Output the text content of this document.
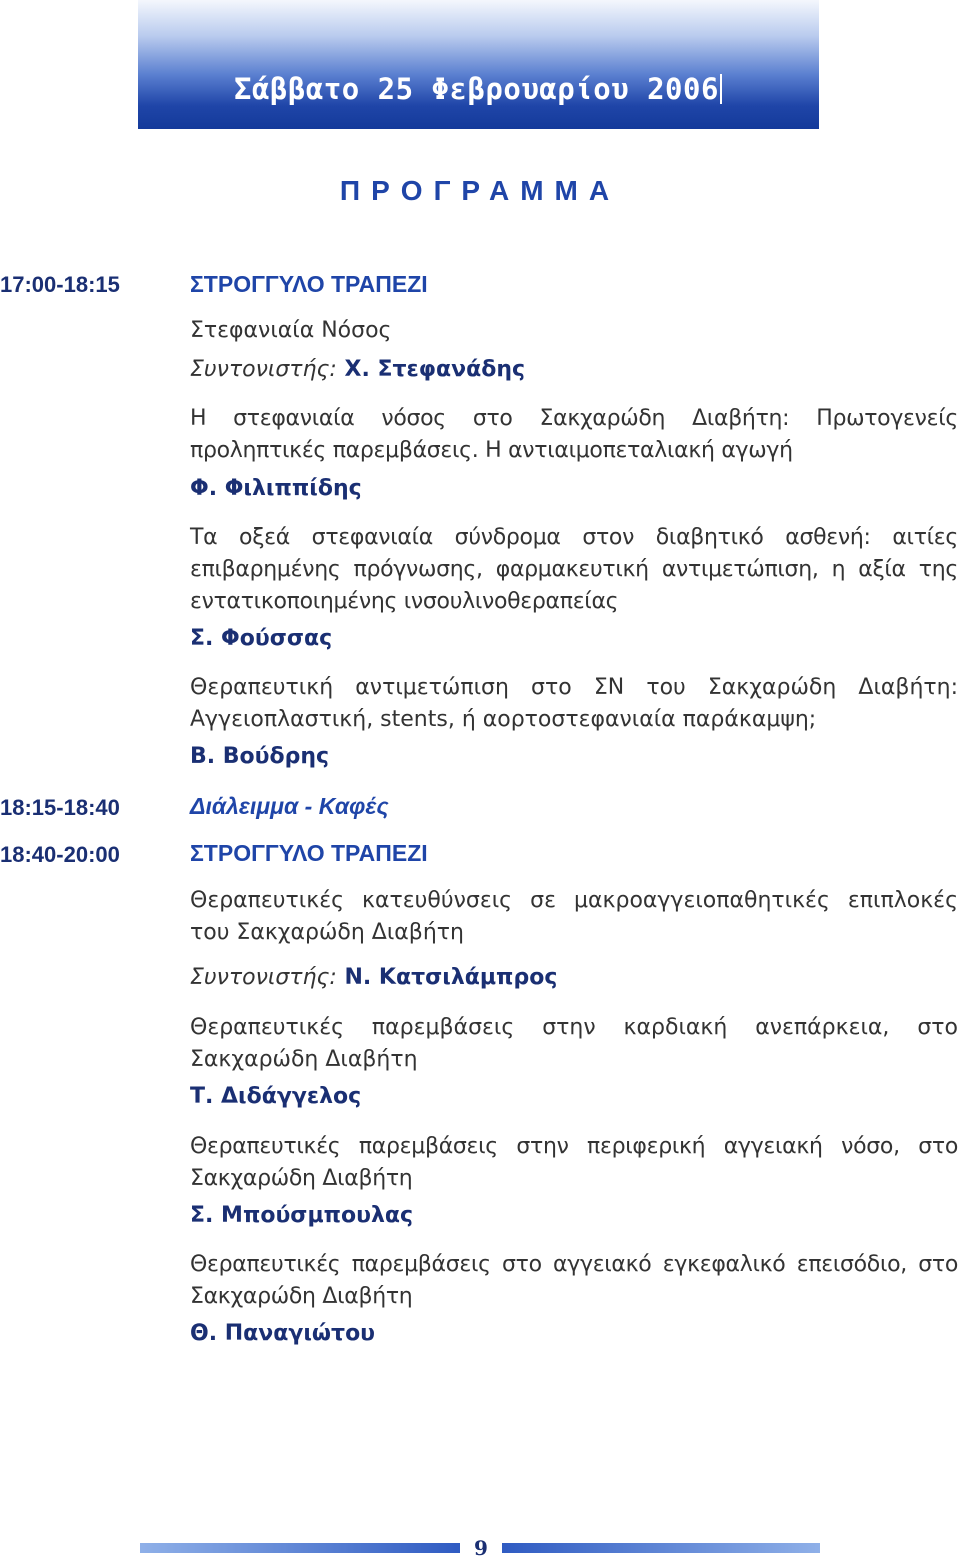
Σάββατο 25 Φεβρουαρίου 2006
ΠΡΟΓΡΑΜΜΑ
17:00-18:15	ΣΤΡΟΓΓΥΛΟ ΤΡΑΠΕΖΙ
Στεφανιαία Νόσος
Συντονιστής: Χ. Στεφανάδης
Η στεφανιαία νόσος στο Σακχαρώδη Διαβήτη: Πρωτογενείς προληπτικές παρεμβάσεις. Η αντιαιμοπεταλιακή αγωγή
Φ. Φιλιππίδης
Τα οξεά στεφανιαία σύνδρομα στον διαβητικό ασθενή: αιτίες επιβαρημένης πρόγνωσης, φαρμακευτική αντιμετώπιση, η αξία της εντατικοποιημένης ινσουλινοθεραπείας
Σ. Φούσσας
Θεραπευτική αντιμετώπιση στο ΣΝ του Σακχαρώδη Διαβήτη: Αγγειοπλαστική, stents, ή αορτοστεφανιαία παράκαμψη;
Β. Βούδρης
18:15-18:40	Διάλειμμα - Καφές
18:40-20:00	ΣΤΡΟΓΓΥΛΟ ΤΡΑΠΕΖΙ
Θεραπευτικές κατευθύνσεις σε μακροαγγειοπαθητικές επιπλοκές του Σακχαρώδη Διαβήτη
Συντονιστής: Ν. Κατσιλάμπρος
Θεραπευτικές παρεμβάσεις στην καρδιακή ανεπάρκεια, στο Σακχαρώδη Διαβήτη
Τ. Διδάγγελος
Θεραπευτικές παρεμβάσεις στην περιφερική αγγειακή νόσο, στο Σακχαρώδη Διαβήτη
Σ. Μπούσμπουλας
Θεραπευτικές παρεμβάσεις στο αγγειακό εγκεφαλικό επεισόδιο, στο Σακχαρώδη Διαβήτη
Θ. Παναγιώτου
9
